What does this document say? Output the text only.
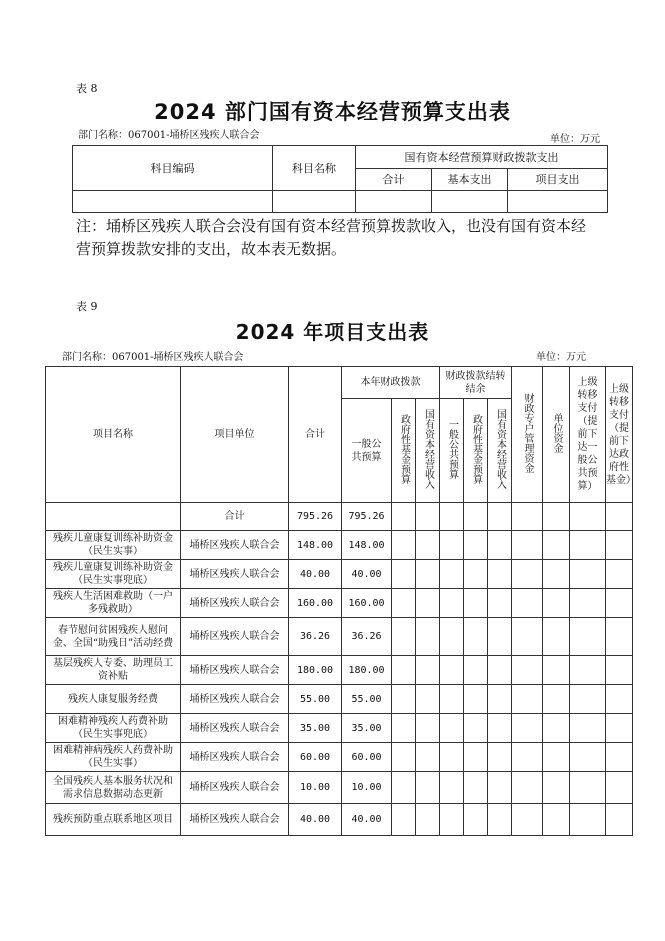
表 8
2024 部门国有资本经营预算支出表
部门名称：067001-埇桥区残疾人联合会	单位：万元
科目编码	科目名称	国有资本经营预算财政拨款支出		
		合计	基本支出	项目支出

注：埇桥区残疾人联合会没有国有资本经营预算拨款收入，也没有国有资本经营预算拨款安排的支出，故本表无数据。
表 9
2024 年项目支出表
部门名称：067001-埇桥区残疾人联合会	单位：万元
项目名称	项目单位	合计	本年财政拨款			财政拨款结转结余			财政专户管理资金	单位资金	上级转移支付（提前下达一般公共预算）	上级转移支付（提前下达政府性基金）
			一般公共预算	政府性基金预算	国有资本经营收入	一般公共预算	政府性基金预算	国有资本经营收入				
	合计	795.26	795.26									
残疾儿童康复训练补助资金（民生实事）	埇桥区残疾人联合会	148.00	148.00									
残疾儿童康复训练补助资金（民生实事兜底）	埇桥区残疾人联合会	40.00	40.00									
残疾人生活困难救助（一户多残救助）	埇桥区残疾人联合会	160.00	160.00									
春节慰问贫困残疾人慰问金、全国“助残日”活动经费	埇桥区残疾人联合会	36.26	36.26									
基层残疾人专委、助理员工资补贴	埇桥区残疾人联合会	180.00	180.00									
残疾人康复服务经费	埇桥区残疾人联合会	55.00	55.00									
困难精神残疾人药费补助（民生实事兜底）	埇桥区残疾人联合会	35.00	35.00									
困难精神病残疾人药费补助（民生实事）	埇桥区残疾人联合会	60.00	60.00									
全国残疾人基本服务状况和需求信息数据动态更新	埇桥区残疾人联合会	10.00	10.00									
残疾预防重点联系地区项目	埇桥区残疾人联合会	40.00	40.00									
